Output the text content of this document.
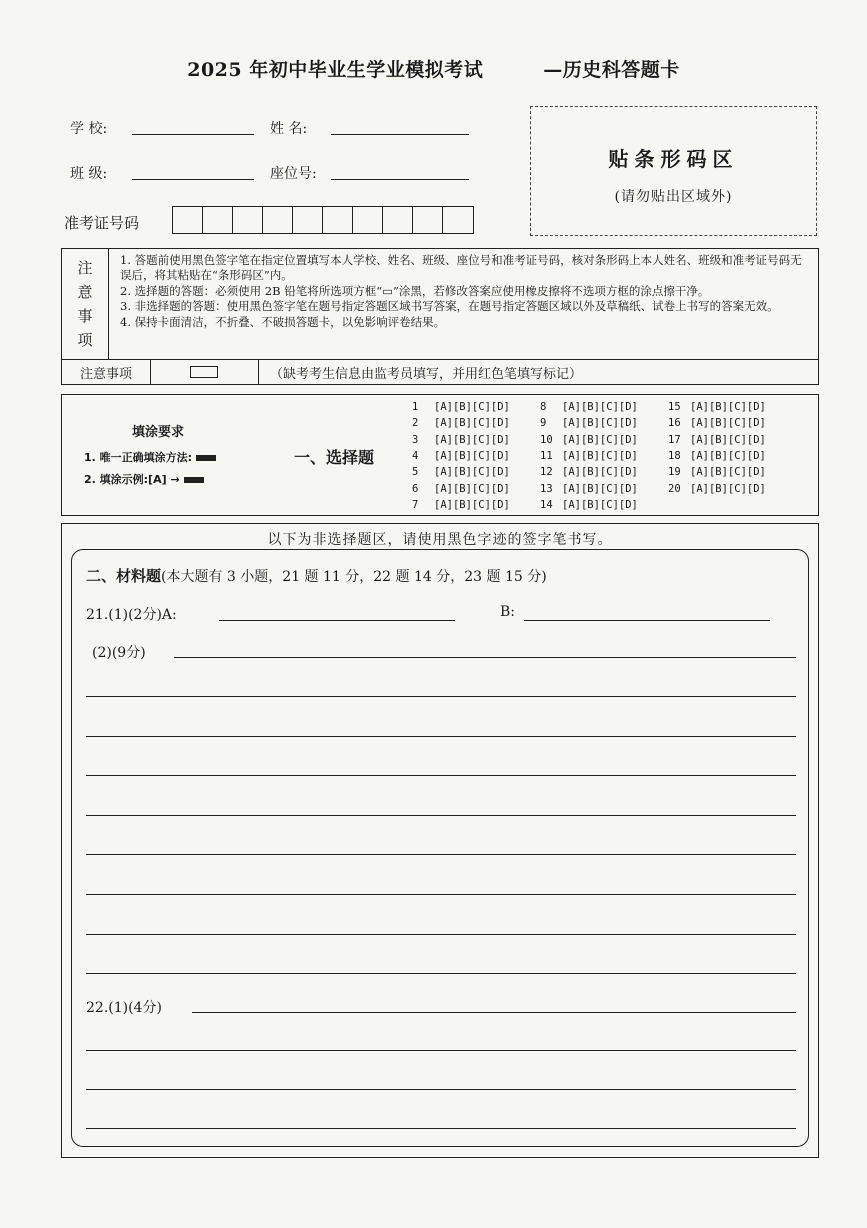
2025 年初中毕业生学业模拟考试	—历史科答题卡
学 校:	姓 名:
班 级:	座位号:
准考证号码
贴条形码区
(请勿贴出区域外)
注
意
事
项
1. 答题前使用黑色签字笔在指定位置填写本人学校、姓名、班级、座位号和准考证号码，核对条形码上本人姓名、班级和准考证号码无误后，将其粘贴在“条形码区”内。
2. 选择题的答题：必须使用 2B 铅笔将所选项方框“▭”涂黑，若修改答案应使用橡皮擦将不选项方框的涂点擦干净。
3. 非选择题的答题：使用黑色签字笔在题号指定答题区域书写答案，在题号指定答题区域以外及草稿纸、试卷上书写的答案无效。
4. 保持卡面清洁，不折叠、不破损答题卡，以免影响评卷结果。
注意事项	（缺考考生信息由监考员填写，并用红色笔填写标记）
填涂要求
1. 唯一正确填涂方法:
2. 填涂示例:[A] →
一、选择题
1 [A][B][C][D]
2 [A][B][C][D]
3 [A][B][C][D]
4 [A][B][C][D]
5 [A][B][C][D]
6 [A][B][C][D]
7 [A][B][C][D]
8 [A][B][C][D]
9 [A][B][C][D]
10 [A][B][C][D]
11 [A][B][C][D]
12 [A][B][C][D]
13 [A][B][C][D]
14 [A][B][C][D]
15 [A][B][C][D]
16 [A][B][C][D]
17 [A][B][C][D]
18 [A][B][C][D]
19 [A][B][C][D]
20 [A][B][C][D]
以下为非选择题区，请使用黑色字迹的签字笔书写。
二、材料题(本大题有 3 小题，21 题 11 分，22 题 14 分，23 题 15 分)
21.(1)(2分)A:	B:
(2)(9分)
22.(1)(4分)
